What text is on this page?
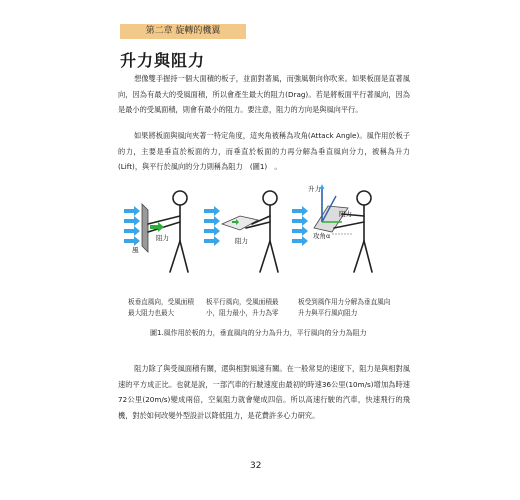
第二章 旋轉的機翼
升力與阻力
想像雙手握持一個大面積的板子，並面對著風，而強風朝向你吹來。如果板面是直著風向，因為有最大的受風面積，所以會產生最大的阻力(Drag)。若是將板面平行著風向，因為是最小的受風面積，則會有最小的阻力。要注意，阻力的方向是與風向平行。
如果將板面與風向夾著一特定角度，這夾角被稱為攻角(Attack Angle)。風作用於板子的力，主要是垂直於板面的力，而垂直於板面的力再分解為垂直風向分力，被稱為升力(Lift)，與平行於風向的分力則稱為阻力　(圖1)　。
阻力
風
阻力
升力
阻力
攻角α
板垂直風向，受風面積最大阻力也最大
板平行風向，受風面積最小，阻力最小，升力為零
板受到風作用力分解為垂直風向升力與平行風向阻力
圖1.風作用於板的力，垂直風向的分力為升力，平行風向的分力為阻力
阻力除了與受風面積有關，還與相對風速有關。在一般常見的速度下，阻力是與相對風速的平方成正比。也就是說，一部汽車的行駛速度由最初的時速36公里(10m/s)增加為時速72公里(20m/s)變成兩倍，空氣阻力就會變成四倍。所以高速行駛的汽車，快速飛行的飛機，對於如何改變外型設計以降低阻力，是花費許多心力研究。
32
